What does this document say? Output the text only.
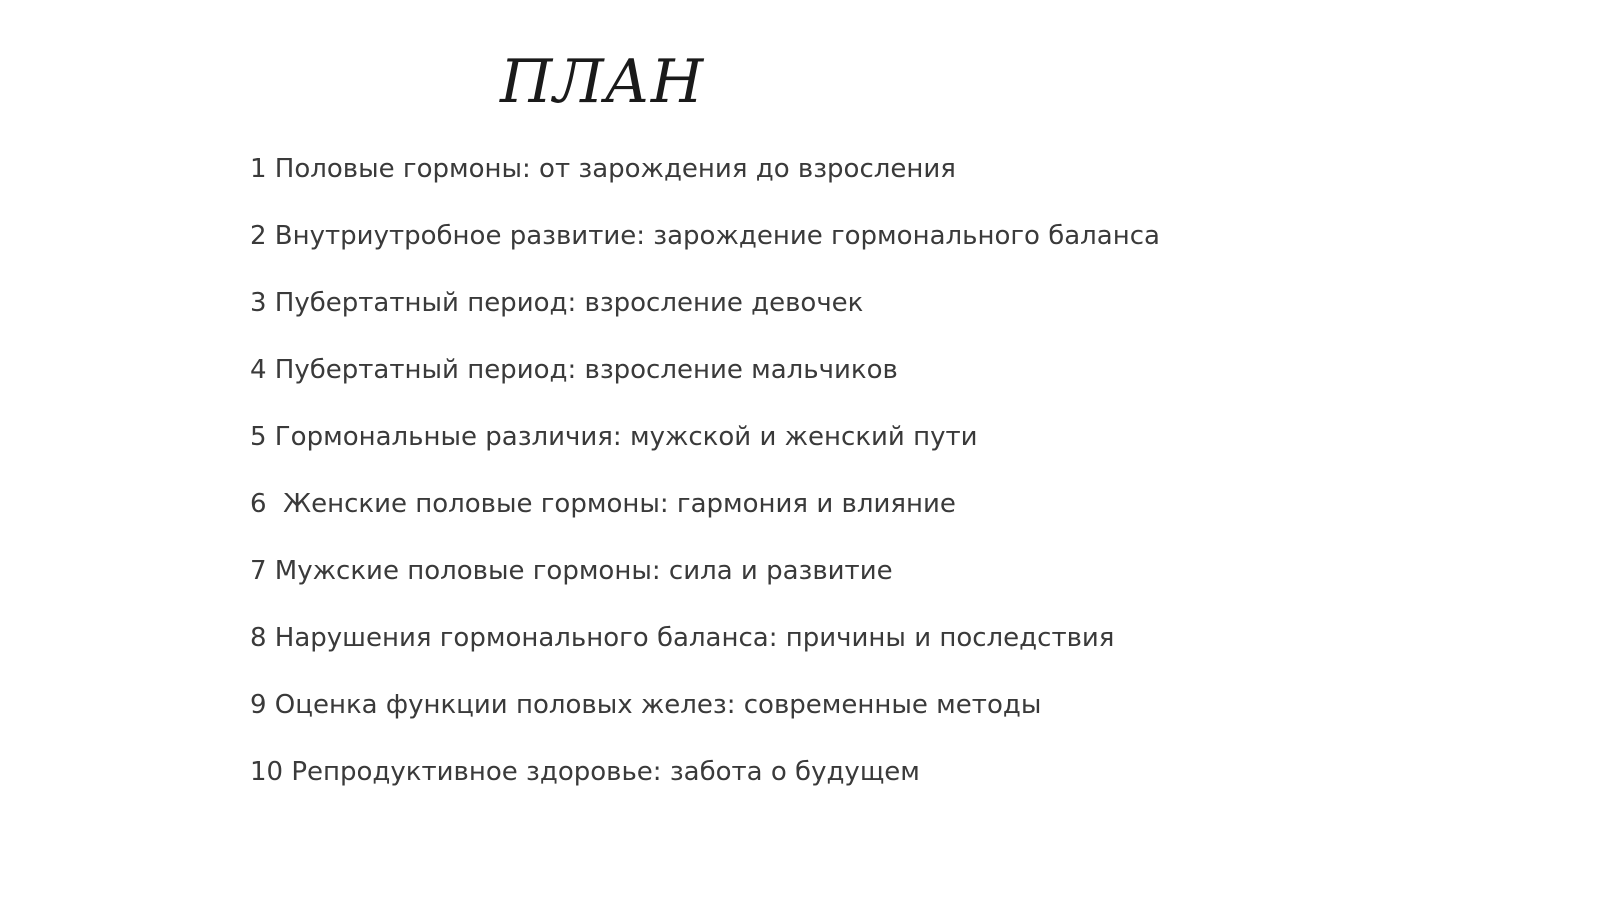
ПЛАН
1 Половые гормоны: от зарождения до взросления
2 Внутриутробное развитие: зарождение гормонального баланса
3 Пубертатный период: взросление девочек
4 Пубертатный период: взросление мальчиков
5 Гормональные различия: мужской и женский пути
6  Женские половые гормоны: гармония и влияние
7 Мужские половые гормоны: сила и развитие
8 Нарушения гормонального баланса: причины и последствия
9 Оценка функции половых желез: современные методы
10 Репродуктивное здоровье: забота о будущем
